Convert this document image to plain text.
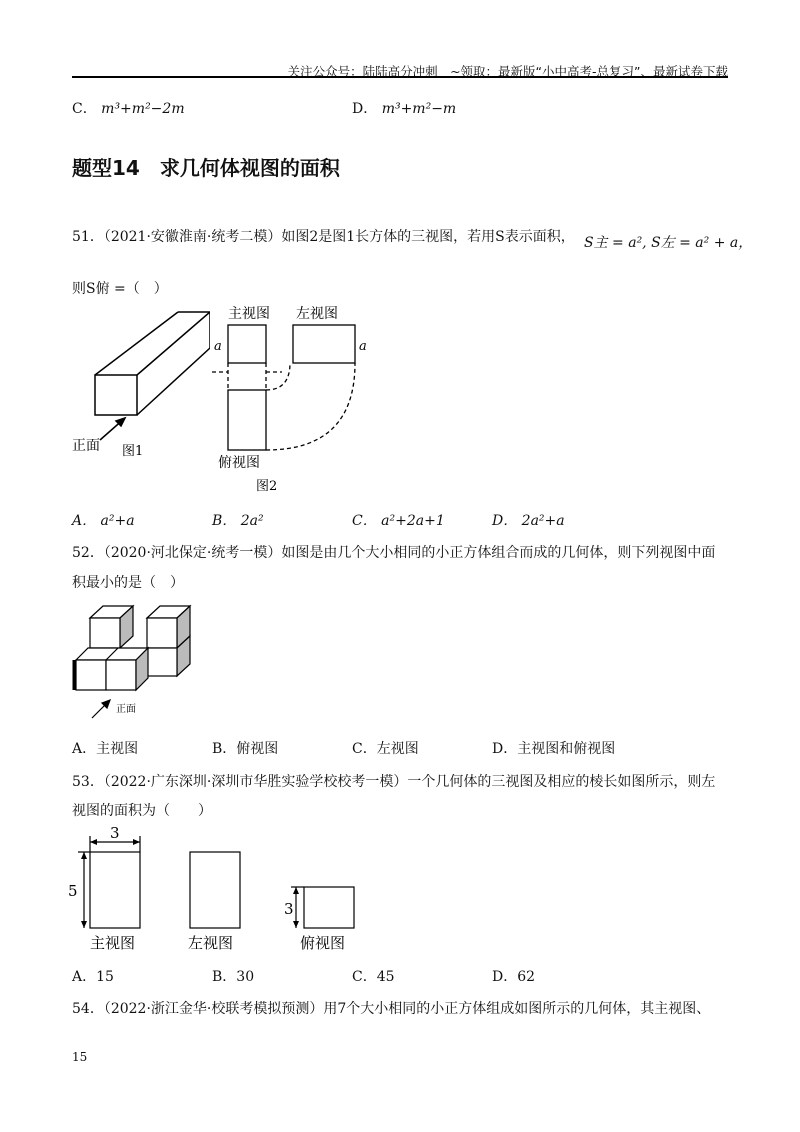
关注公众号：陆陆高分冲刺　~领取：最新版“小中高考-总复习”、最新试卷下载
C． m³+m²−2m	D． m³+m²−m
题型14　求几何体视图的面积
51．（2021·安徽淮南·统考二模）如图2是图1长方体的三视图，若用S表示面积， S主 = a², S左 = a² + a，
则S俯 =（　）
正面 图1
主视图 左视图
a	a
俯视图
图2
A． a²+a	B． 2a²	C． a²+2a+1	D． 2a²+a
52．（2020·河北保定·统考一模）如图是由几个大小相同的小正方体组合而成的几何体，则下列视图中面
积最小的是（　）
正面
A．主视图	B．俯视图	C．左视图	D．主视图和俯视图
53．（2022·广东深圳·深圳市华胜实验学校校考一模）一个几何体的三视图及相应的棱长如图所示，则左
视图的面积为（　　）
3
5
3
主视图	左视图	俯视图
A．15	B．30	C．45	D．62
54．（2022·浙江金华·校联考模拟预测）用7个大小相同的小正方体组成如图所示的几何体，其主视图、
15
